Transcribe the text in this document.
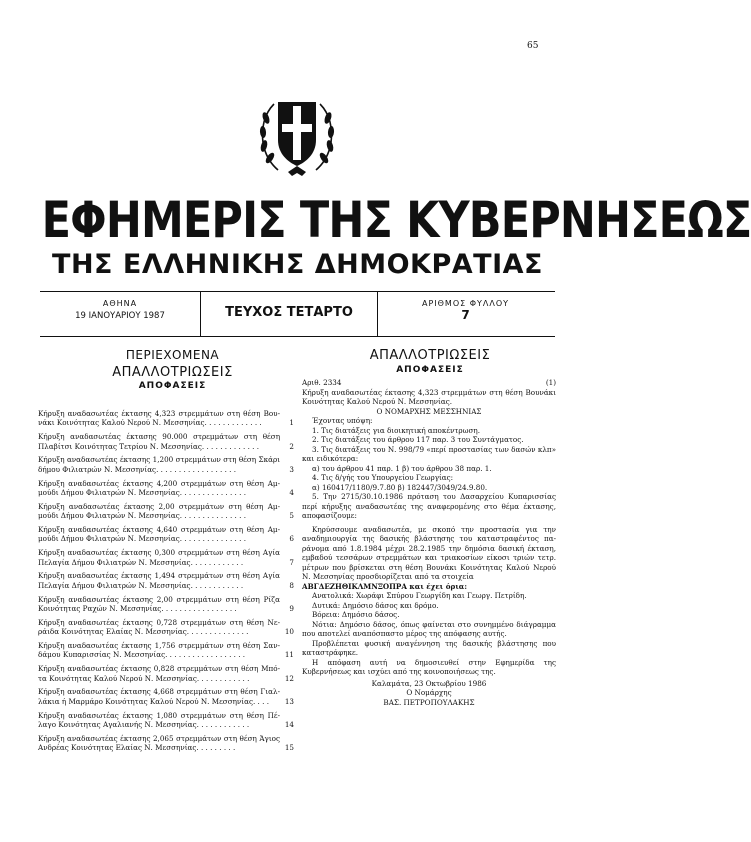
65
ΕΦΗΜΕΡΙΣ ΤΗΣ ΚΥΒΕΡΝΗΣΕΩΣ
ΤΗΣ ΕΛΛΗΝΙΚΗΣ ΔΗΜΟΚΡΑΤΙΑΣ
ΑΘΗΝΑ
19 ΙΑΝΟΥΑΡΙΟΥ 1987	ΤΕΥΧΟΣ ΤΕΤΑΡΤΟ
ΑΡΙΘΜΟΣ ΦΥΛΛΟΥ
7
ΠΕΡΙΕΧΟΜΕΝΑ
ΑΠΑΛΛΟΤΡΙΩΣΕΙΣ
ΑΠΟΦΑΣΕΙΣ
Κήρυξη αναδασωτέας έκτασης 4,323 στρεμμάτων στη θέση Βουνάκι Κοινότητας Καλού Νερού Ν. Μεσσηνίας. . . . . . . . . . . . .	1
Κήρυξη αναδασωτέας έκτασης 90.000 στρεμμάτων στη θέση Πλαβίτσι Κοινότητας Τετρίου Ν. Μεσσηνίας. . . . . . . . . . . . .	2
Κήρυξη αναδασωτέας έκτασης 1,200 στρεμμάτων στη θέση Σκάρι δήμου Φιλιατρών Ν. Μεσσηνίας. . . . . . . . . . . . . . . . . .	3
Κήρυξη αναδασωτέας έκτασης 4,200 στρεμμάτων στη θέση Αμμούδι Δήμου Φιλιατρών Ν. Μεσσηνίας. . . . . . . . . . . . . . .	4
Κήρυξη αναδασωτέας έκτασης 2,00 στρεμμάτων στη θέση Αμμούδι Δήμου Φιλιατρών Ν. Μεσσηνίας. . . . . . . . . . . . . . .	5
Κήρυξη αναδασωτέας έκτασης 4,640 στρεμμάτων στη θέση Αμμούδι Δήμου Φιλιατρών Ν. Μεσσηνίας. . . . . . . . . . . . . . .	6
Κήρυξη αναδασωτέας έκτασης 0,300 στρεμμάτων στη θέση Αγία Πελαγία Δήμου Φιλιατρών Ν. Μεσσηνίας. . . . . . . . . . . .	7
Κήρυξη αναδασωτέας έκτασης 1,494 στρεμμάτων στη θέση Αγία Πελαγία Δήμου Φιλιατρών Ν. Μεσσηνίας. . . . . . . . . . . .	8
Κήρυξη αναδασωτέας έκτασης 2,00 στρεμμάτων στη θέση Ρίζα Κοινότητας Ραχών Ν. Μεσσηνίας. . . . . . . . . . . . . . . . .	9
Κήρυξη αναδασωτέας έκτασης 0,728 στρεμμάτων στη θέση Νεράιδα Κοινότητας Ελαίας Ν. Μεσσηνίας. . . . . . . . . . . . . .	10
Κήρυξη αναδασωτέας έκτασης 1,756 στρεμμάτων στη θέση Σανδάμου Κυπαρισσίας Ν. Μεσσηνίας. . . . . . . . . . . . . . . . . .	11
Κήρυξη αναδασωτέας έκτασης 0,828 στρεμμάτων στη θέση Μπότα Κοινότητας Καλού Νερού Ν. Μεσσηνίας. . . . . . . . . . . .	12
Κήρυξη αναδασωτέας έκτασης 4,668 στρεμμάτων στη θέση Γιαλλάκια ή Μαρμάρο Κοινότητας Καλού Νερού Ν. Μεσσηνίας. . . . 13
Κήρυξη αναδασωτέας έκτασης 1,080 στρεμμάτων στη θέση Πέλαγο Κοινότητας Αγαλιανής Ν. Μεσσηνίας. . . . . . . . . . . .	14
Κήρυξη αναδασωτέας έκτασης 2,065 στρεμμάτων στη θέση Άγιος Ανδρέας Κοινότητας Ελαίας Ν. Μεσσηνίας. . . . . . . . .	15
ΑΠΑΛΛΟΤΡΙΩΣΕΙΣ
ΑΠΟΦΑΣΕΙΣ
Αριθ. 2334	(1)
Κήρυξη αναδασωτέας έκτασης 4,323 στρεμμάτων στη θέση Βουνάκι Κοινότητας Καλού Νερού Ν. Μεσσηνίας.
Ο ΝΟΜΑΡΧΗΣ ΜΕΣΣΗΝΙΑΣ
Έχοντας υπόψη:
1. Τις διατάξεις για διοικητική αποκέντρωση.
2. Τις διατάξεις του άρθρου 117 παρ. 3 του Συντάγματος.
3. Τις διατάξεις του Ν. 998/79 «περί προστασίας των δασών κλπ» και ειδικότερα:
α) του άρθρου 41 παρ. 1 β) του άρθρου 38 παρ. 1.
4. Τις δ/γής του Υπουργείου Γεωργίας:
α) 160417/1180/9.7.80 β) 182447/3049/24.9.80.
5. Την 2715/30.10.1986 πρόταση του Δασαρχείου Κυπαρισσίας περί κήρυξης αναδασωτέας της αναφερομένης στο θέμα έκτασης, αποφασίζουμε:
Κηρύσσουμε αναδασωτέα, με σκοπό την προστασία για την αναδημιουργία της δασικής βλάστησης του καταστραφέντος παράνομα από 1.8.1984 μέχρι 28.2.1985 την δημόσια δασική έκταση, εμβαδού τεσσάρων στρεμμάτων και τριακοσίων είκοσι τριών τετρ. μέτρων που βρίσκεται στη θέση Βουνάκι Κοινότητας Καλού Νερού Ν. Μεσσηνίας προσδιορίζεται από τα στοιχεία
ΑΒΓΔΕΖΗΘΙΚΛΜΝΞΟΠΡΑ και έχει όρια:
Ανατολικά: Χωράφι Σπύρου Γεωργίδη και Γεωργ. Πετρίδη.
Δυτικά: Δημόσιο δάσος και δρόμο.
Βόρεια: Δημόσιο δάσος.
Νότια: Δημόσιο δάσος, όπως φαίνεται στο συνημμένο διάγραμμα που αποτελεί αναπόσπαστο μέρος της απόφασης αυτής.
Προβλέπεται φυσική αναγέννηση της δασικής βλάστησης που καταστράφηκε.
Η απόφαση αυτή να δημοσιευθεί στην Εφημερίδα της Κυβερνήσεως και ισχύει από της κοινοποιήσεως της.
Καλαμάτα, 23 Οκτωβρίου 1986
Ο Νομάρχης
ΒΑΣ. ΠΕΤΡΟΠΟΥΛΑΚΗΣ
